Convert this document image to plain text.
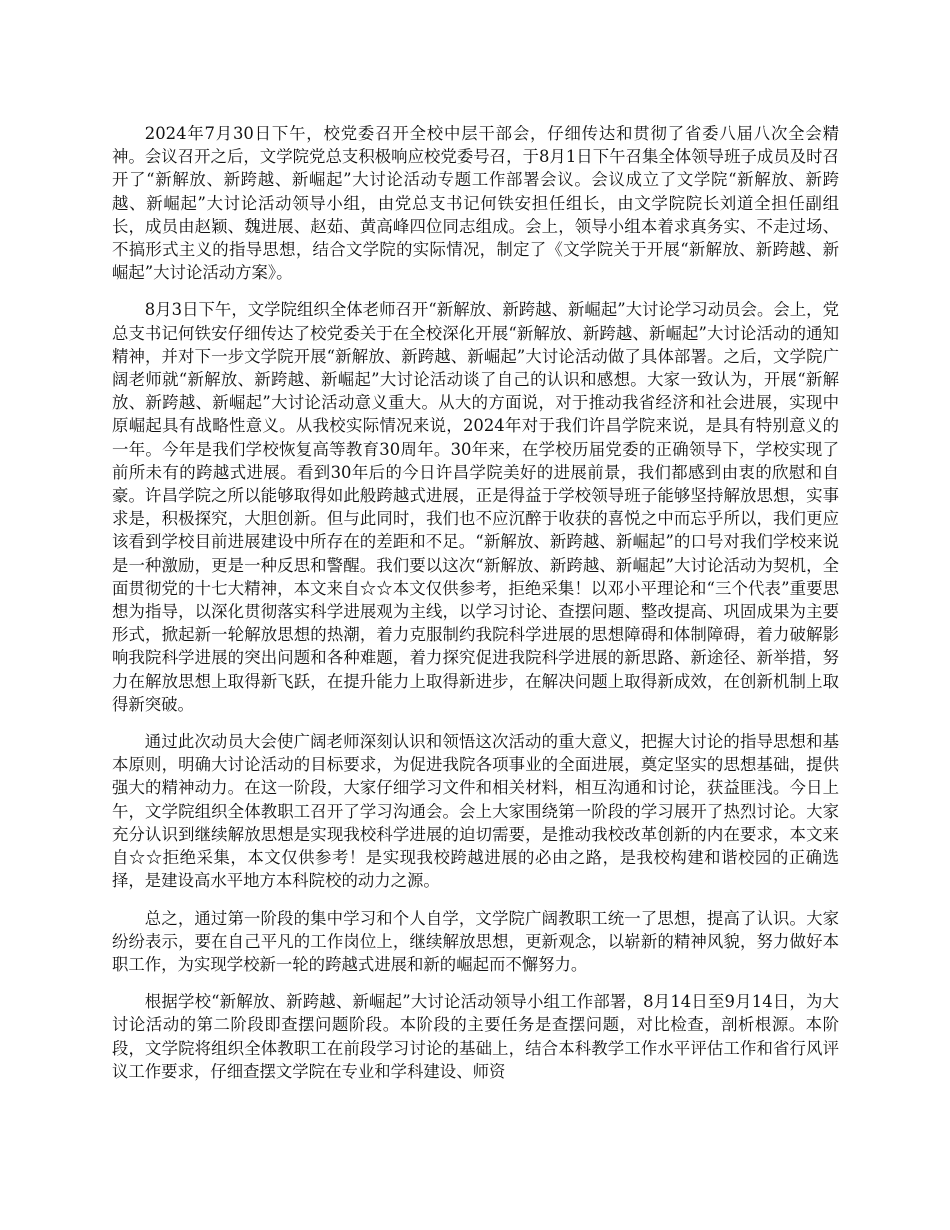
2024年7月30日下午，校党委召开全校中层干部会，仔细传达和贯彻了省委八届八次全会精神。会议召开之后，文学院党总支积极响应校党委号召，于8月1日下午召集全体领导班子成员及时召开了“新解放、新跨越、新崛起”大讨论活动专题工作部署会议。会议成立了文学院“新解放、新跨越、新崛起”大讨论活动领导小组，由党总支书记何铁安担任组长，由文学院院长刘道全担任副组长，成员由赵颖、魏进展、赵茹、黄高峰四位同志组成。会上，领导小组本着求真务实、不走过场、不搞形式主义的指导思想，结合文学院的实际情况，制定了《文学院关于开展“新解放、新跨越、新崛起”大讨论活动方案》。

8月3日下午，文学院组织全体老师召开“新解放、新跨越、新崛起”大讨论学习动员会。会上，党总支书记何铁安仔细传达了校党委关于在全校深化开展“新解放、新跨越、新崛起”大讨论活动的通知精神，并对下一步文学院开展“新解放、新跨越、新崛起”大讨论活动做了具体部署。之后，文学院广阔老师就“新解放、新跨越、新崛起”大讨论活动谈了自己的认识和感想。大家一致认为，开展“新解放、新跨越、新崛起”大讨论活动意义重大。从大的方面说，对于推动我省经济和社会进展，实现中原崛起具有战略性意义。从我校实际情况来说，2024年对于我们许昌学院来说，是具有特别意义的一年。今年是我们学校恢复高等教育30周年。30年来，在学校历届党委的正确领导下，学校实现了前所未有的跨越式进展。看到30年后的今日许昌学院美好的进展前景，我们都感到由衷的欣慰和自豪。许昌学院之所以能够取得如此般跨越式进展，正是得益于学校领导班子能够坚持解放思想，实事求是，积极探究，大胆创新。但与此同时，我们也不应沉醉于收获的喜悦之中而忘乎所以，我们更应该看到学校目前进展建设中所存在的差距和不足。“新解放、新跨越、新崛起”的口号对我们学校来说是一种激励，更是一种反思和警醒。我们要以这次“新解放、新跨越、新崛起”大讨论活动为契机，全面贯彻党的十七大精神，本文来自☆☆本文仅供参考，拒绝采集！以邓小平理论和“三个代表”重要思想为指导，以深化贯彻落实科学进展观为主线，以学习讨论、查摆问题、整改提高、巩固成果为主要形式，掀起新一轮解放思想的热潮，着力克服制约我院科学进展的思想障碍和体制障碍，着力破解影响我院科学进展的突出问题和各种难题，着力探究促进我院科学进展的新思路、新途径、新举措，努力在解放思想上取得新飞跃，在提升能力上取得新进步，在解决问题上取得新成效，在创新机制上取得新突破。

通过此次动员大会使广阔老师深刻认识和领悟这次活动的重大意义，把握大讨论的指导思想和基本原则，明确大讨论活动的目标要求，为促进我院各项事业的全面进展，奠定坚实的思想基础，提供强大的精神动力。在这一阶段，大家仔细学习文件和相关材料，相互沟通和讨论，获益匪浅。今日上午，文学院组织全体教职工召开了学习沟通会。会上大家围绕第一阶段的学习展开了热烈讨论。大家充分认识到继续解放思想是实现我校科学进展的迫切需要，是推动我校改革创新的内在要求，本文来自☆☆拒绝采集，本文仅供参考！是实现我校跨越进展的必由之路，是我校构建和谐校园的正确选择，是建设高水平地方本科院校的动力之源。

总之，通过第一阶段的集中学习和个人自学，文学院广阔教职工统一了思想，提高了认识。大家纷纷表示，要在自己平凡的工作岗位上，继续解放思想，更新观念，以崭新的精神风貌，努力做好本职工作，为实现学校新一轮的跨越式进展和新的崛起而不懈努力。

根据学校“新解放、新跨越、新崛起”大讨论活动领导小组工作部署，8月14日至9月14日，为大讨论活动的第二阶段即查摆问题阶段。本阶段的主要任务是查摆问题，对比检查，剖析根源。本阶段，文学院将组织全体教职工在前段学习讨论的基础上，结合本科教学工作水平评估工作和省行风评议工作要求，仔细查摆文学院在专业和学科建设、师资
